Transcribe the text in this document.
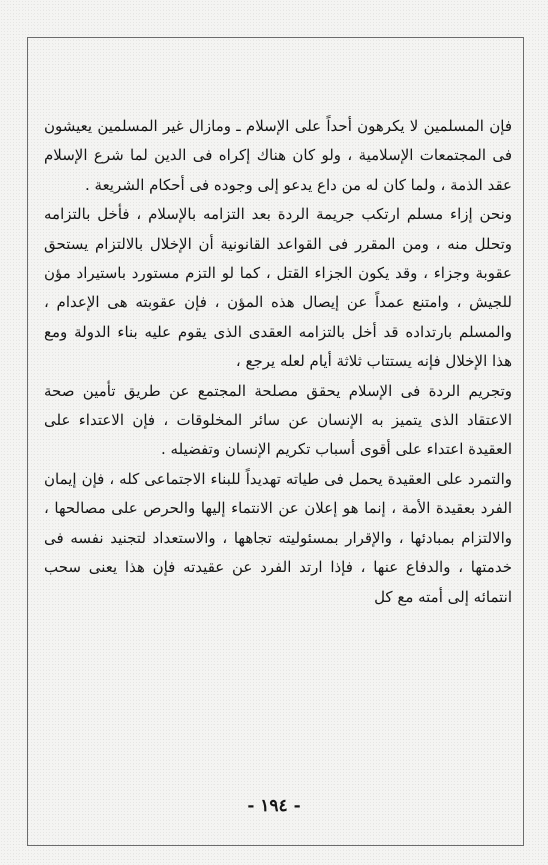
فإن المسلمين لا يكرهون أحداً على الإسلام ـ ومازال غير المسلمين يعيشون فى المجتمعات الإسلامية ، ولو كان هناك إكراه فى الدين لما شرع الإسلام عقد الذمة ، ولما كان له من داع يدعو إلى وجوده فى أحكام الشريعة .

ونحن إزاء مسلم ارتكب جريمة الردة بعد التزامه بالإسلام ، فأخل بالتزامه وتحلل منه ، ومن المقرر فى القواعد القانونية أن الإخلال بالالتزام يستحق عقوبة وجزاء ، وقد يكون الجزاء القتل ، كما لو التزم مستورد باستيراد مؤن للجيش ، وامتنع عمداً عن إيصال هذه المؤن ، فإن عقوبته هى الإعدام ، والمسلم بارتداده قد أخل بالتزامه العقدى الذى يقوم عليه بناء الدولة ومع هذا الإخلال فإنه يستتاب ثلاثة أيام لعله يرجع ،

وتجريم الردة فى الإسلام يحقق مصلحة المجتمع عن طريق تأمين صحة الاعتقاد الذى يتميز به الإنسان عن سائر المخلوقات ، فإن الاعتداء على العقيدة اعتداء على أقوى أسباب تكريم الإنسان وتفضيله .

والتمرد على العقيدة يحمل فى طياته تهديداً للبناء الاجتماعى كله ، فإن إيمان الفرد بعقيدة الأمة ، إنما هو إعلان عن الانتماء إليها والحرص على مصالحها ، والالتزام بمبادئها ، والإقرار بمسئوليته تجاهها ، والاستعداد لتجنيد نفسه فى خدمتها ، والدفاع عنها ، فإذا ارتد الفرد عن عقيدته فإن هذا يعنى سحب انتمائه إلى أمته مع كل

- ١٩٤ -
